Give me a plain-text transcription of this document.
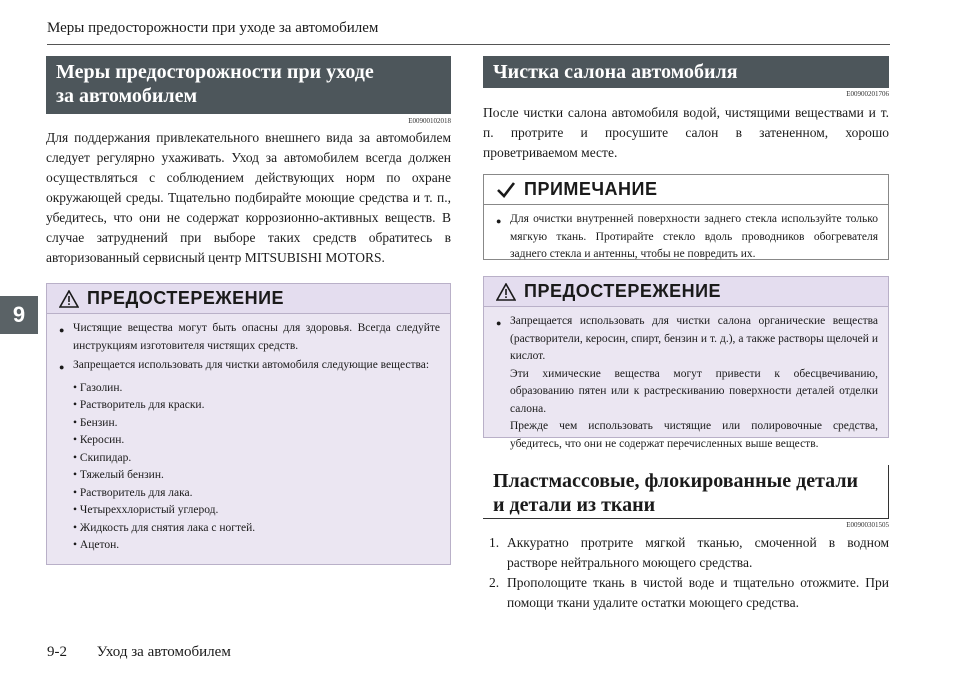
Меры предосторожности при уходе за автомобилем
9
Меры предосторожности при уходе
за автомобилем
E00900102018
Для поддержания привлекательного внешнего вида за автомобилем следует регулярно ухаживать. Уход за автомобилем всегда должен осуществляться с соблюдением действующих норм по охране окружающей среды. Тщательно подбирайте моющие средства и т. п., убедитесь, что они не содержат коррозионно-активных веществ. В случае затруднений при выборе таких средств обратитесь в авторизованный сервисный центр MITSUBISHI MOTORS.
ПРЕДОСТЕРЕЖЕНИЕ
● Чистящие вещества могут быть опасны для здоровья. Всегда следуйте инструкциям изготовителя чистящих средств.
● Запрещается использовать для чистки автомобиля следующие вещества:
• Газолин.
• Растворитель для краски.
• Бензин.
• Керосин.
• Скипидар.
• Тяжелый бензин.
• Растворитель для лака.
• Четыреххлористый углерод.
• Жидкость для снятия лака с ногтей.
• Ацетон.
Чистка салона автомобиля
E00900201706
После чистки салона автомобиля водой, чистящими веществами и т. п. протрите и просушите салон в затененном, хорошо проветриваемом месте.
ПРИМЕЧАНИЕ
● Для очистки внутренней поверхности заднего стекла используйте только мягкую ткань. Протирайте стекло вдоль проводников обогревателя заднего стекла и антенны, чтобы не повредить их.
ПРЕДОСТЕРЕЖЕНИЕ
● Запрещается использовать для чистки салона органические вещества (растворители, керосин, спирт, бензин и т. д.), а также растворы щелочей и кислот.
Эти химические вещества могут привести к обесцвечиванию, образованию пятен или к растрескиванию поверхности деталей отделки салона.
Прежде чем использовать чистящие или полировочные средства, убедитесь, что они не содержат перечисленных выше веществ.
Пластмассовые, флокированные детали
и детали из ткани
E00900301505
1. Аккуратно протрите мягкой тканью, смоченной в водном растворе нейтрального моющего средства.
2. Прополощите ткань в чистой воде и тщательно отожмите. При помощи ткани удалите остатки моющего средства.
9-2 Уход за автомобилем
